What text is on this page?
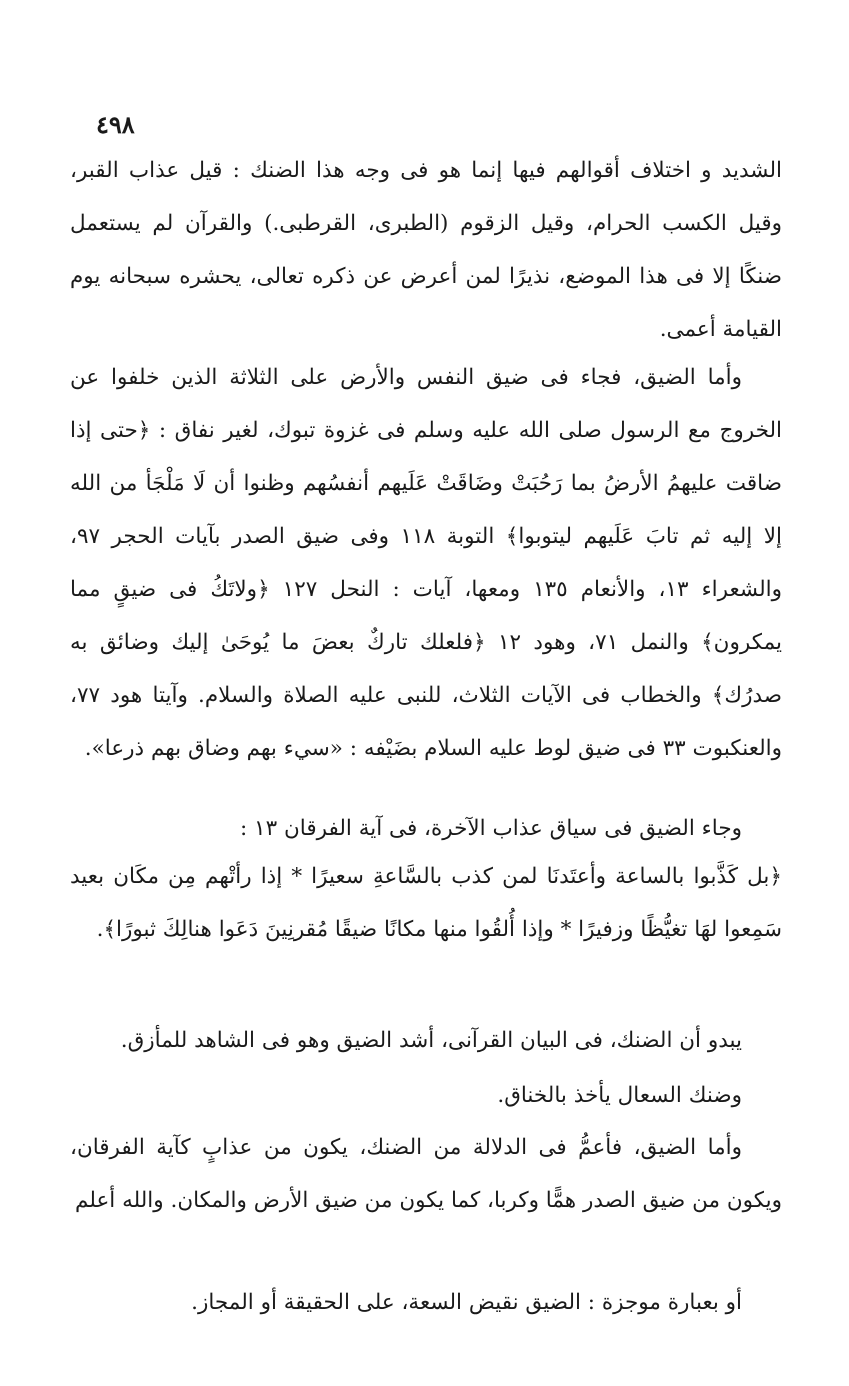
٤٩٨

الشديد و اختلاف أقوالهم فيها إنما هو فى وجه هذا الضنك : قيل عذاب القبر، وقيل الكسب الحرام، وقيل الزقوم (الطبرى، القرطبى.) والقرآن لم يستعمل ضنكًا إلا فى هذا الموضع، نذيرًا لمن أعرض عن ذكره تعالى، يحشره سبحانه يوم القيامة أعمى.

وأما الضيق، فجاء فى ضيق النفس والأرض على الثلاثة الذين خلفوا عن الخروج مع الرسول صلى الله عليه وسلم فى غزوة تبوك، لغير نفاق : ﴿حتى إذا ضاقت عليهمُ الأرضُ بما رَحُبَتْ وضَاقَتْ عَلَيهم أنفسُهم وظنوا أن لَا مَلْجَأ من الله إلا إليه ثم تابَ عَلَيهم ليتوبوا﴾ التوبة ١١٨ وفى ضيق الصدر بآيات الحجر ٩٧، والشعراء ١٣، والأنعام ١٣٥ ومعها، آيات : النحل ١٢٧ ﴿ولاتَكُ فى ضيقٍ مما يمكرون﴾ والنمل ٧١، وهود ١٢ ﴿فلعلك تاركٌ بعضَ ما يُوحَىٰ إليك وضائق به صدرُك﴾ والخطاب فى الآيات الثلاث، للنبى عليه الصلاة والسلام. وآيتا هود ٧٧، والعنكبوت ٣٣ فى ضيق لوط عليه السلام بضَيْفه : «سيء بهم وضاق بهم ذرعا».

وجاء الضيق فى سياق عذاب الآخرة، فى آية الفرقان ١٣ :

﴿بل كَذَّبوا بالساعة وأعتَدنَا لمن كذب بالسَّاعةِ سعيرًا * إذا رأتْهم مِن مكَان بعيد سَمِعوا لهَا تغيُّظًا وزفيرًا * وإذا أُلقُوا منها مكانًا ضيقًا مُقرنِينَ دَعَوا هنالِكَ ثبورًا﴾.

يبدو أن الضنك، فى البيان القرآنى، أشد الضيق وهو فى الشاهد للمأزق.

وضنك السعال يأخذ بالخناق.

وأما الضيق، فأعمُّ فى الدلالة من الضنك، يكون من عذابٍ كآية الفرقان، ويكون من ضيق الصدر همًّا وكربا، كما يكون من ضيق الأرض والمكان. والله أعلم

أو بعبارة موجزة : الضيق نقيض السعة، على الحقيقة أو المجاز.
